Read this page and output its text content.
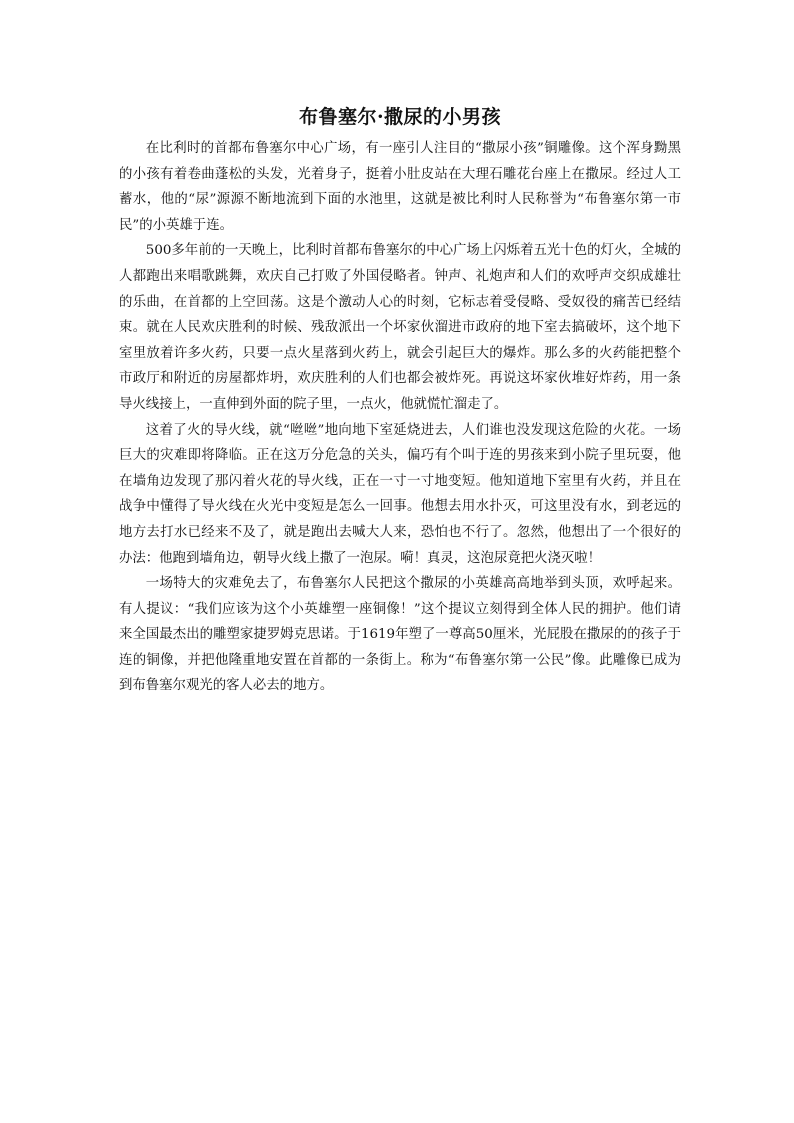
布鲁塞尔·撒尿的小男孩

在比利时的首都布鲁塞尔中心广场，有一座引人注目的“撒尿小孩”铜雕像。这个浑身黝黑的小孩有着卷曲蓬松的头发，光着身子，挺着小肚皮站在大理石雕花台座上在撒尿。经过人工蓄水，他的“尿”源源不断地流到下面的水池里，这就是被比利时人民称誉为“布鲁塞尔第一市民”的小英雄于连。

500多年前的一天晚上，比利时首都布鲁塞尔的中心广场上闪烁着五光十色的灯火，全城的人都跑出来唱歌跳舞，欢庆自己打败了外国侵略者。钟声、礼炮声和人们的欢呼声交织成雄壮的乐曲，在首都的上空回荡。这是个激动人心的时刻，它标志着受侵略、受奴役的痛苦已经结束。就在人民欢庆胜利的时候、残敌派出一个坏家伙溜进市政府的地下室去搞破坏，这个地下室里放着许多火药，只要一点火星落到火药上，就会引起巨大的爆炸。那么多的火药能把整个市政厅和附近的房屋都炸坍，欢庆胜利的人们也都会被炸死。再说这坏家伙堆好炸药，用一条导火线接上，一直伸到外面的院子里，一点火，他就慌忙溜走了。

这着了火的导火线，就“咝咝”地向地下室延烧进去，人们谁也没发现这危险的火花。一场巨大的灾难即将降临。正在这万分危急的关头，偏巧有个叫于连的男孩来到小院子里玩耍，他在墙角边发现了那闪着火花的导火线，正在一寸一寸地变短。他知道地下室里有火药，并且在战争中懂得了导火线在火光中变短是怎么一回事。他想去用水扑灭，可这里没有水，到老远的地方去打水已经来不及了，就是跑出去喊大人来，恐怕也不行了。忽然，他想出了一个很好的办法：他跑到墙角边，朝导火线上撒了一泡尿。嗬！真灵，这泡尿竟把火浇灭啦！

一场特大的灾难免去了，布鲁塞尔人民把这个撒尿的小英雄高高地举到头顶，欢呼起来。有人提议：“我们应该为这个小英雄塑一座铜像！”这个提议立刻得到全体人民的拥护。他们请来全国最杰出的雕塑家捷罗姆克思诺。于1619年塑了一尊高50厘米，光屁股在撒尿的的孩子于连的铜像，并把他隆重地安置在首都的一条街上。称为“布鲁塞尔第一公民”像。此雕像已成为到布鲁塞尔观光的客人必去的地方。
